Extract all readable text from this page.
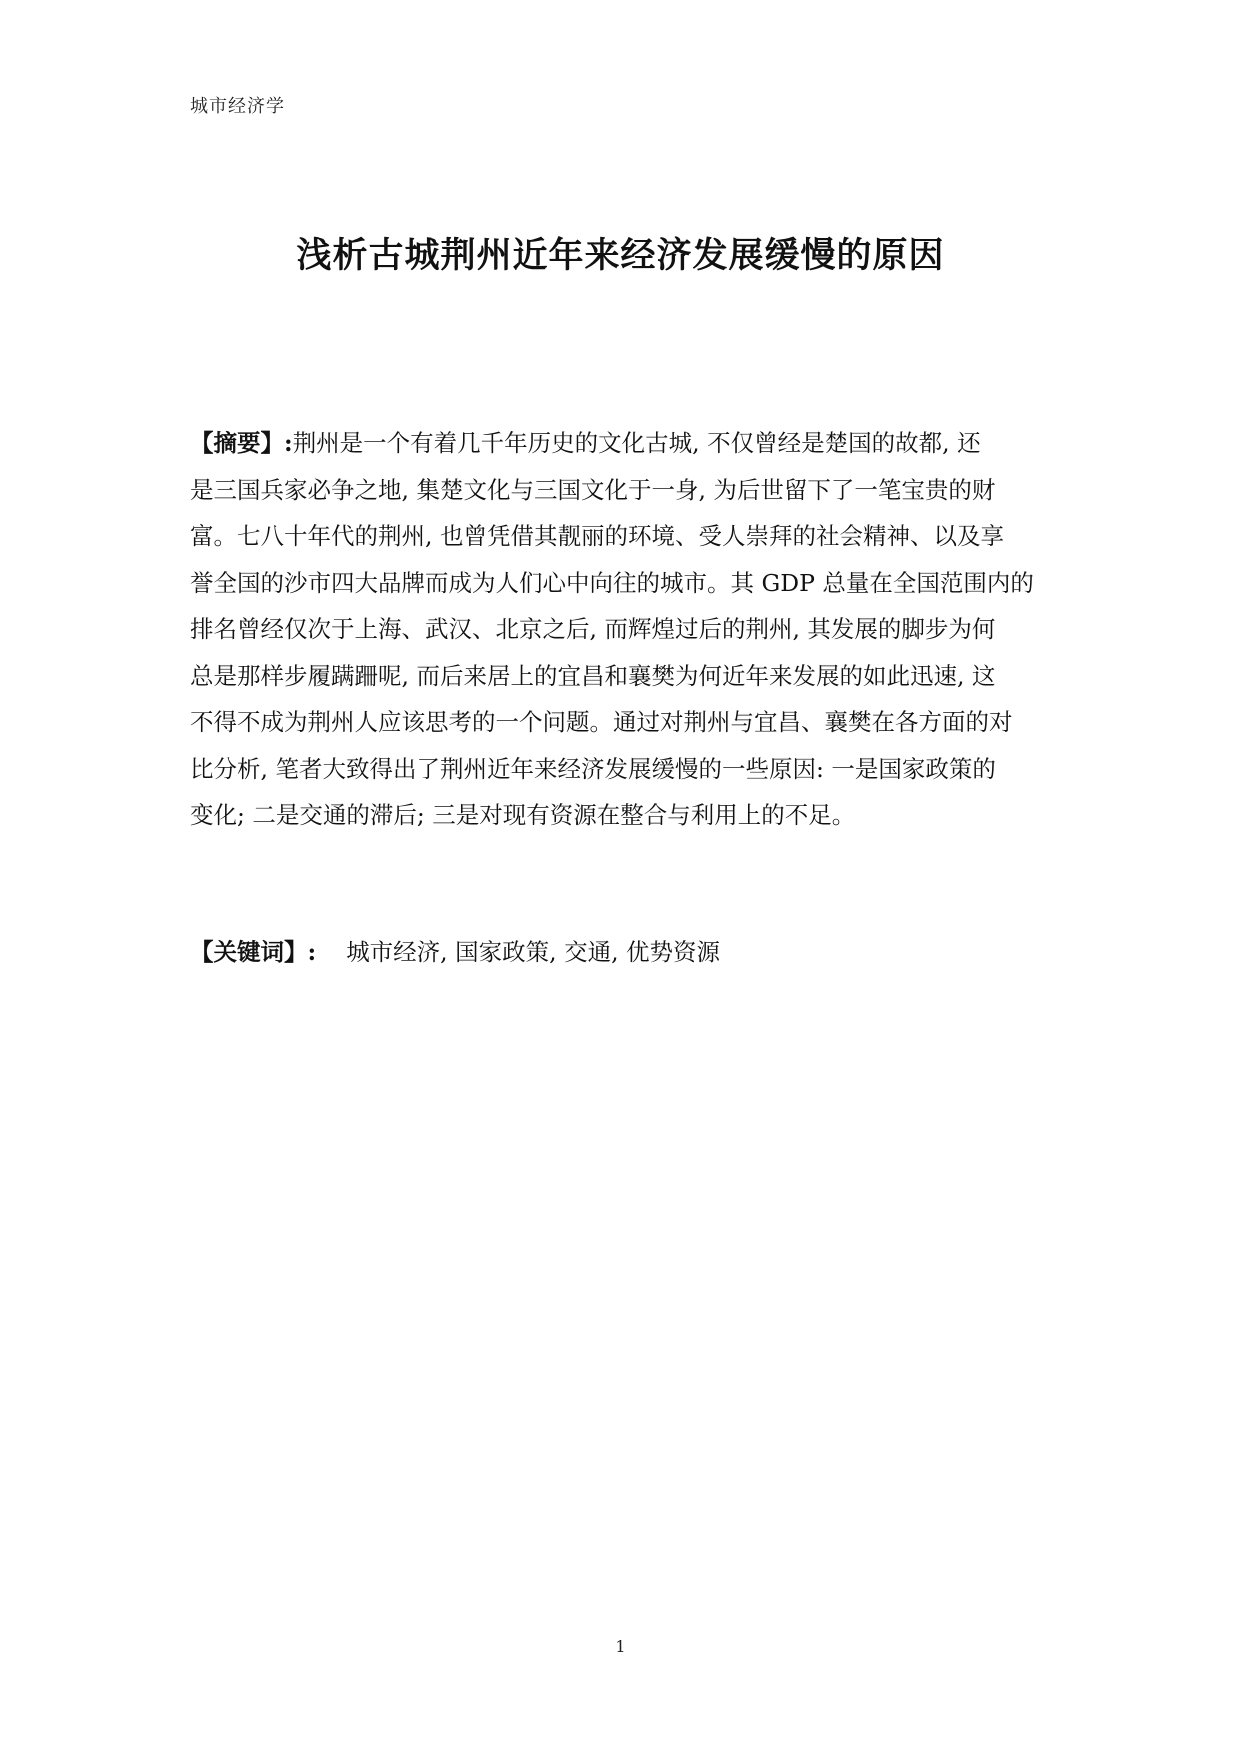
城市经济学
浅析古城荆州近年来经济发展缓慢的原因
【摘要】:荆州是一个有着几千年历史的文化古城, 不仅曾经是楚国的故都, 还
是三国兵家必争之地, 集楚文化与三国文化于一身, 为后世留下了一笔宝贵的财
富。七八十年代的荆州, 也曾凭借其靓丽的环境、受人崇拜的社会精神、以及享
誉全国的沙市四大品牌而成为人们心中向往的城市。其 GDP 总量在全国范围内的
排名曾经仅次于上海、武汉、北京之后, 而辉煌过后的荆州, 其发展的脚步为何
总是那样步履蹒跚呢, 而后来居上的宜昌和襄樊为何近年来发展的如此迅速, 这
不得不成为荆州人应该思考的一个问题。通过对荆州与宜昌、襄樊在各方面的对
比分析, 笔者大致得出了荆州近年来经济发展缓慢的一些原因: 一是国家政策的
变化; 二是交通的滞后; 三是对现有资源在整合与利用上的不足。
【关键词】: 城市经济, 国家政策, 交通, 优势资源
1
